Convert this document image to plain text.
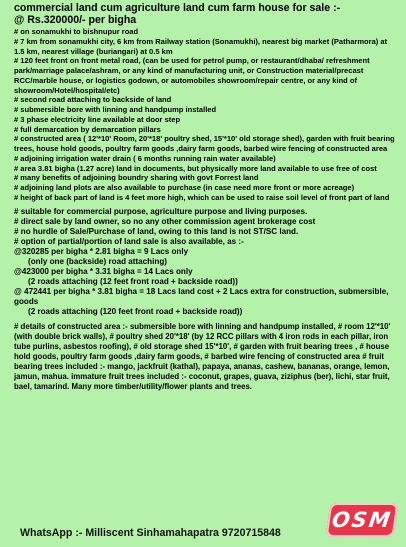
commercial land cum agriculture land cum farm house for sale :-

@ Rs.320000/- per bigha

# on sonamukhi to bishnupur road

# 7 km from sonamukhi city, 6 km from Railway station (Sonamukhi), nearest big market (Patharmora) at 1.5 km, nearest village (buriangari) at 0.5 km

# 120 feet front on front metal road, (can be used for petrol pump, or restaurant/dhaba/ refreshment park/marriage palace/ashram, or any kind of manufacturing unit, or Construction material/precast RCC/marble house, or logistics godown, or automobiles showroom/repair centre, or any kind of showroom/Hotel/hospital/etc)

# second road attaching to backside of land

# submersible bore with linning and handpump installed

# 3 phase electricity line available at door step

# full demarcation by demarcation pillars

# constructed area ( 12'*10' Room, 20'*18' poultry shed, 15'*10' old storage shed), garden with fruit bearing trees, house hold goods, poultry farm goods ,dairy farm goods, barbed wire fencing of constructed area

# adjoining irrigation water drain ( 6 months running rain water available)

# area 3.81 bigha (1.27 acre) land in documents, but physically more land available to use free of cost

# many benefits of adjoining boundry sharing with govt Forrest land

# adjoining land plots are also available to purchase (in case need more front or more acreage)

# height of back part of land is 4 feet more high, which can be used to raise soil level of front part of land

# suitable for commercial purpose, agriculture purpose and living purposes.

# direct sale by land owner, so no any other commission agent brokerage cost

# no hurdle of Sale/Purchase of land, owing to this land is not ST/SC land.

# option of partial/portion of land sale is also available, as :-

@320285 per bigha * 2.81 bigha = 9 Lacs only

(only one (backside) road attaching)

@423000 per bigha * 3.31 bigha = 14 Lacs only

(2 roads attaching (12 feet front road + backside road))

@ 472441 per bigha * 3.81 bigha = 18 Lacs land cost + 2 Lacs extra for construction, submersible, goods

(2 roads attaching (120 feet front road + backside road))

# details of constructed area :- submersible bore with linning and handpump installed, # room 12'*10' (with double brick walls), # poultry shed 20'*18' (by 12 RCC pillars with 4 iron rods in each pillar, iron tube purlins, asbestos roofing), # old storage shed 15'*10', # garden with fruit bearing trees , # house hold goods, poultry farm goods ,dairy farm goods, # barbed wire fencing of constructed area # fruit bearing trees included :- mango, jackfruit (kathal), papaya, ananas, cashew, bananas, orange, lemon, jamun, mahua. immature fruit trees included :- coconut, grapes, guava, ziziphus (ber), lichi, star fruit, bael, tamarind. Many more timber/utility/flower plants and trees.

WhatsApp :- Milliscent Sinhamahapatra 9720715848
OSM
